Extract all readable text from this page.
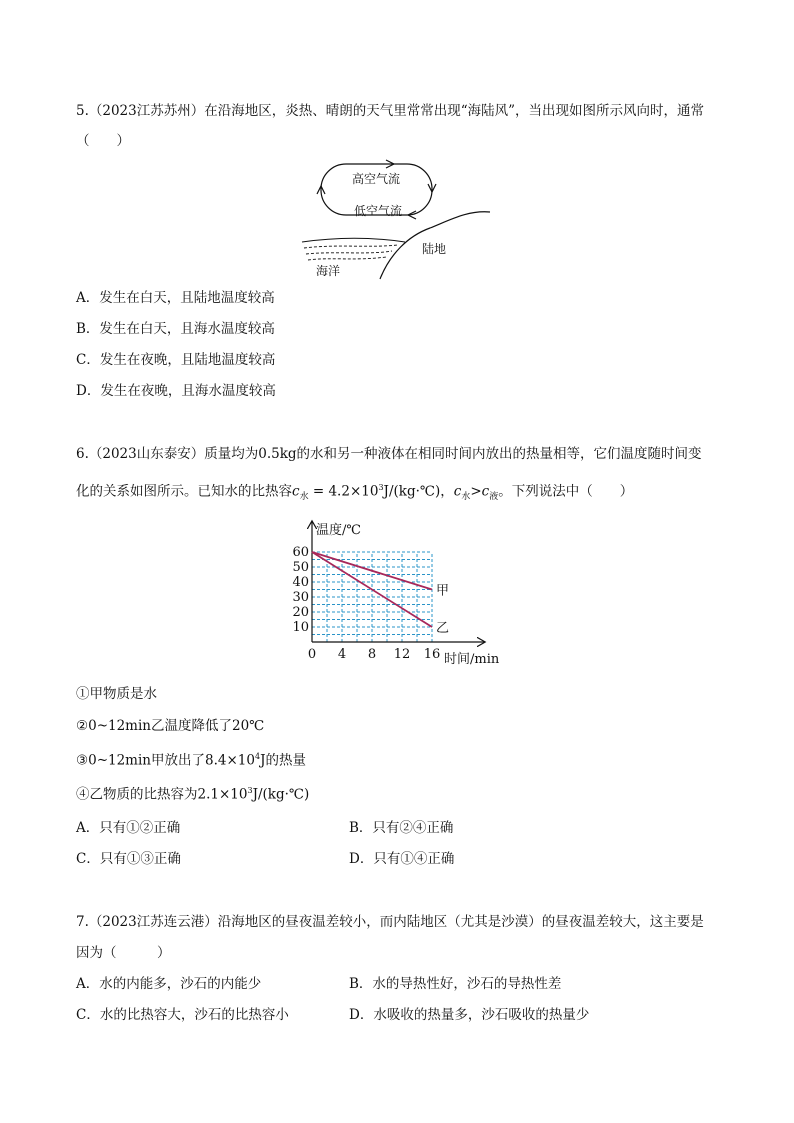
5.（2023江苏苏州）在沿海地区，炎热、晴朗的天气里常常出现“海陆风”，当出现如图所示风向时，通常
（　　）
高空气流
低空气流
陆地
海洋
A．发生在白天，且陆地温度较高
B．发生在白天，且海水温度较高
C．发生在夜晚，且陆地温度较高
D．发生在夜晚，且海水温度较高
6.（2023山东泰安）质量均为0.5kg的水和另一种液体在相同时间内放出的热量相等，它们温度随时间变
化的关系如图所示。已知水的比热容$c_水$ = $4.2\times 10^3J/(kg\cdot℃)$，$c_水>c_液$。下列说法中（　　）
温度/℃
时间/min
0 4 8 12 16
10
20
30
40
50
60
甲
乙
①甲物质是水
②0~12min乙温度降低了20℃
③0~12min甲放出了$8.4\times 10^4J$的热量
④乙物质的比热容为$2.1\times 10^3J/(kg\cdot℃)$
A．只有①②正确	B．只有②④正确
C．只有①③正确	D．只有①④正确
7.（2023江苏连云港）沿海地区的昼夜温差较小，而内陆地区（尤其是沙漠）的昼夜温差较大，这主要是
因为（　　　）
A．水的内能多，沙石的内能少	B．水的导热性好，沙石的导热性差
C．水的比热容大，沙石的比热容小	D．水吸收的热量多，沙石吸收的热量少
